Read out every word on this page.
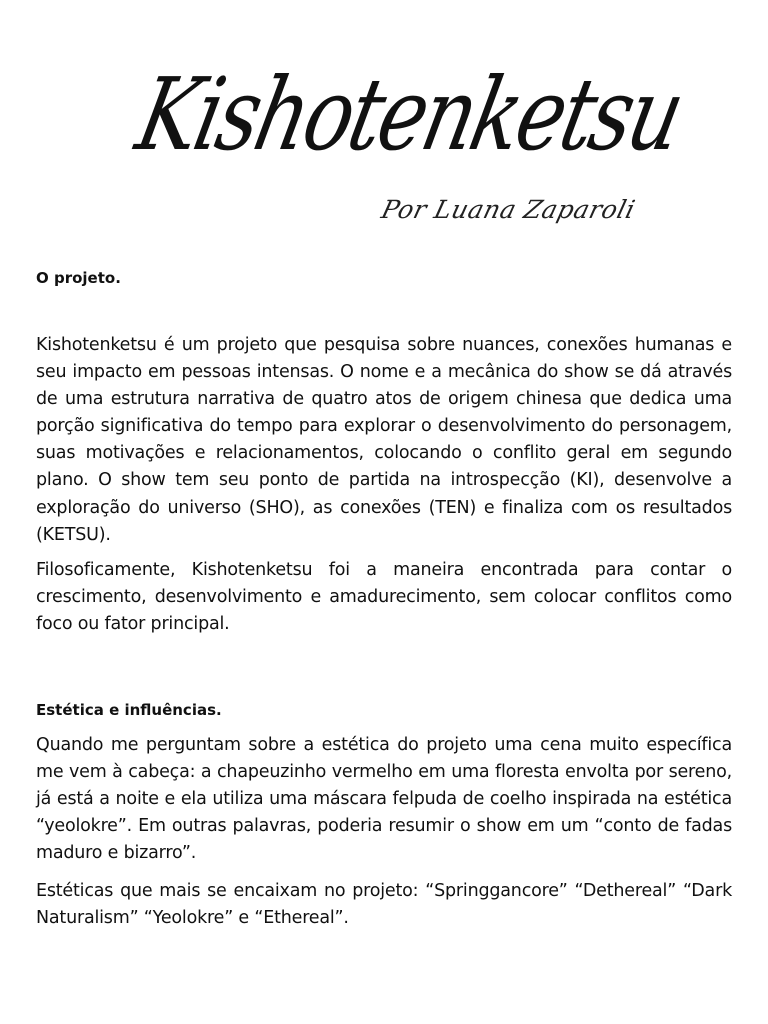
Kishotenketsu
Por Luana Zaparoli
O projeto.

Kishotenketsu é um projeto que pesquisa sobre nuances, conexões humanas e seu impacto em pessoas intensas. O nome e a mecânica do show se dá através de uma estrutura narrativa de quatro atos de origem chinesa que dedica uma porção significativa do tempo para explorar o desenvolvimento do personagem, suas motivações e relacionamentos, colocando o conflito geral em segundo plano. O show tem seu ponto de partida na introspecção (KI), desenvolve a exploração do universo (SHO), as conexões (TEN) e finaliza com os resultados (KETSU).

Filosoficamente, Kishotenketsu foi a maneira encontrada para contar o crescimento, desenvolvimento e amadurecimento, sem colocar conflitos como foco ou fator principal.

Estética e influências.

Quando me perguntam sobre a estética do projeto uma cena muito específica me vem à cabeça: a chapeuzinho vermelho em uma floresta envolta por sereno, já está a noite e ela utiliza uma máscara felpuda de coelho inspirada na estética “yeolokre”. Em outras palavras, poderia resumir o show em um “conto de fadas maduro e bizarro”.

Estéticas que mais se encaixam no projeto: “Springgancore” “Dethereal” “Dark Naturalism” “Yeolokre” e “Ethereal”.
